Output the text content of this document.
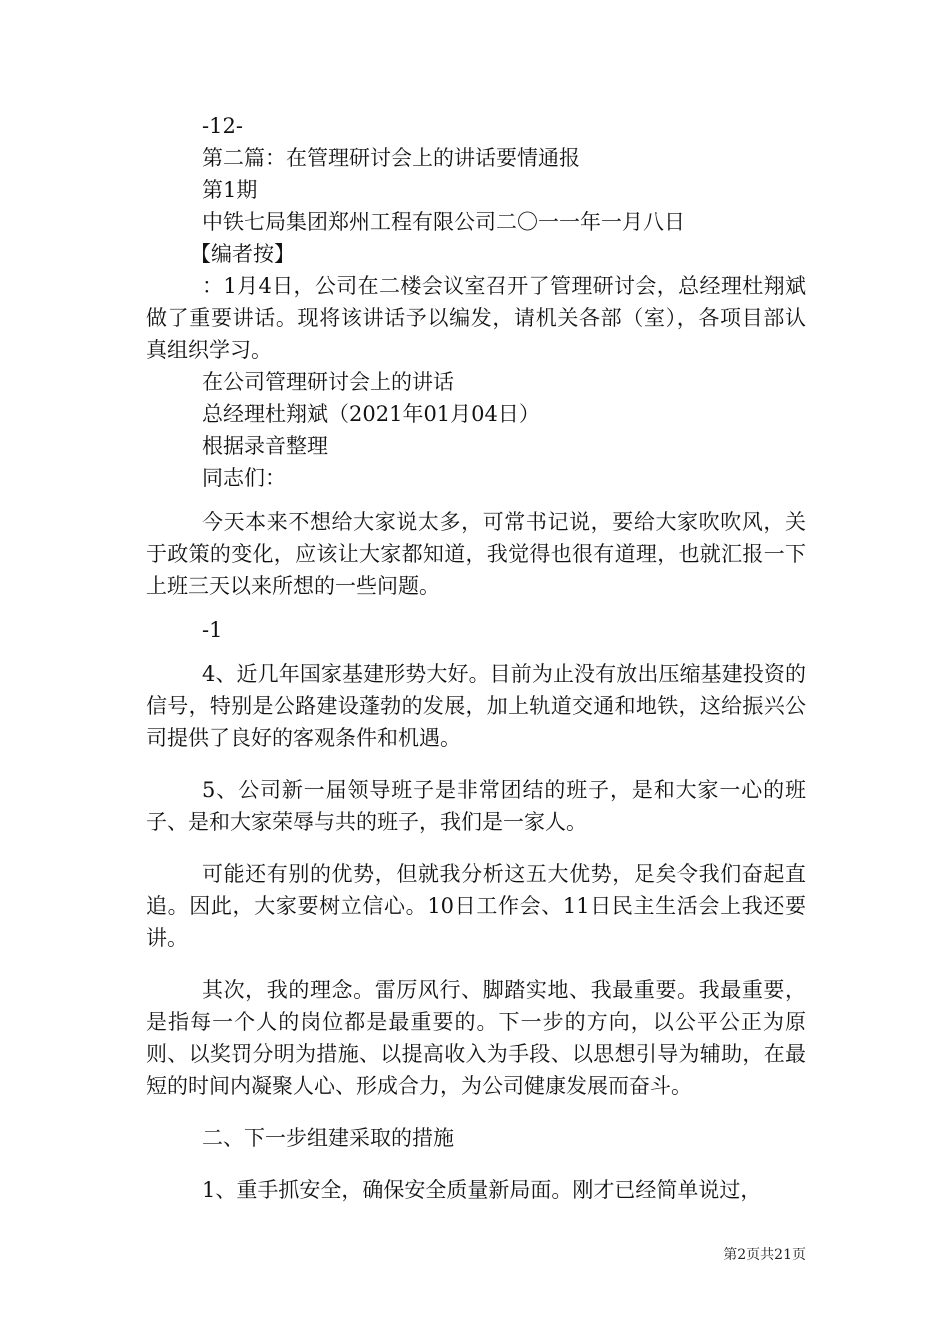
-12-

第二篇：在管理研讨会上的讲话要情通报

第1期

中铁七局集团郑州工程有限公司二〇一一年一月八日

【编者按】

：1月4日，公司在二楼会议室召开了管理研讨会，总经理杜翔斌做了重要讲话。现将该讲话予以编发，请机关各部（室），各项目部认真组织学习。

在公司管理研讨会上的讲话

总经理杜翔斌（2021年01月04日）

根据录音整理

同志们：

今天本来不想给大家说太多，可常书记说，要给大家吹吹风，关于政策的变化，应该让大家都知道，我觉得也很有道理，也就汇报一下上班三天以来所想的一些问题。

-1

4、近几年国家基建形势大好。目前为止没有放出压缩基建投资的信号，特别是公路建设蓬勃的发展，加上轨道交通和地铁，这给振兴公司提供了良好的客观条件和机遇。

5、公司新一届领导班子是非常团结的班子，是和大家一心的班子、是和大家荣辱与共的班子，我们是一家人。

可能还有别的优势，但就我分析这五大优势，足矣令我们奋起直追。因此，大家要树立信心。10日工作会、11日民主生活会上我还要讲。

其次，我的理念。雷厉风行、脚踏实地、我最重要。我最重要，是指每一个人的岗位都是最重要的。下一步的方向，以公平公正为原则、以奖罚分明为措施、以提高收入为手段、以思想引导为辅助，在最短的时间内凝聚人心、形成合力，为公司健康发展而奋斗。

二、下一步组建采取的措施

1、重手抓安全，确保安全质量新局面。刚才已经简单说过，

第2页共21页
